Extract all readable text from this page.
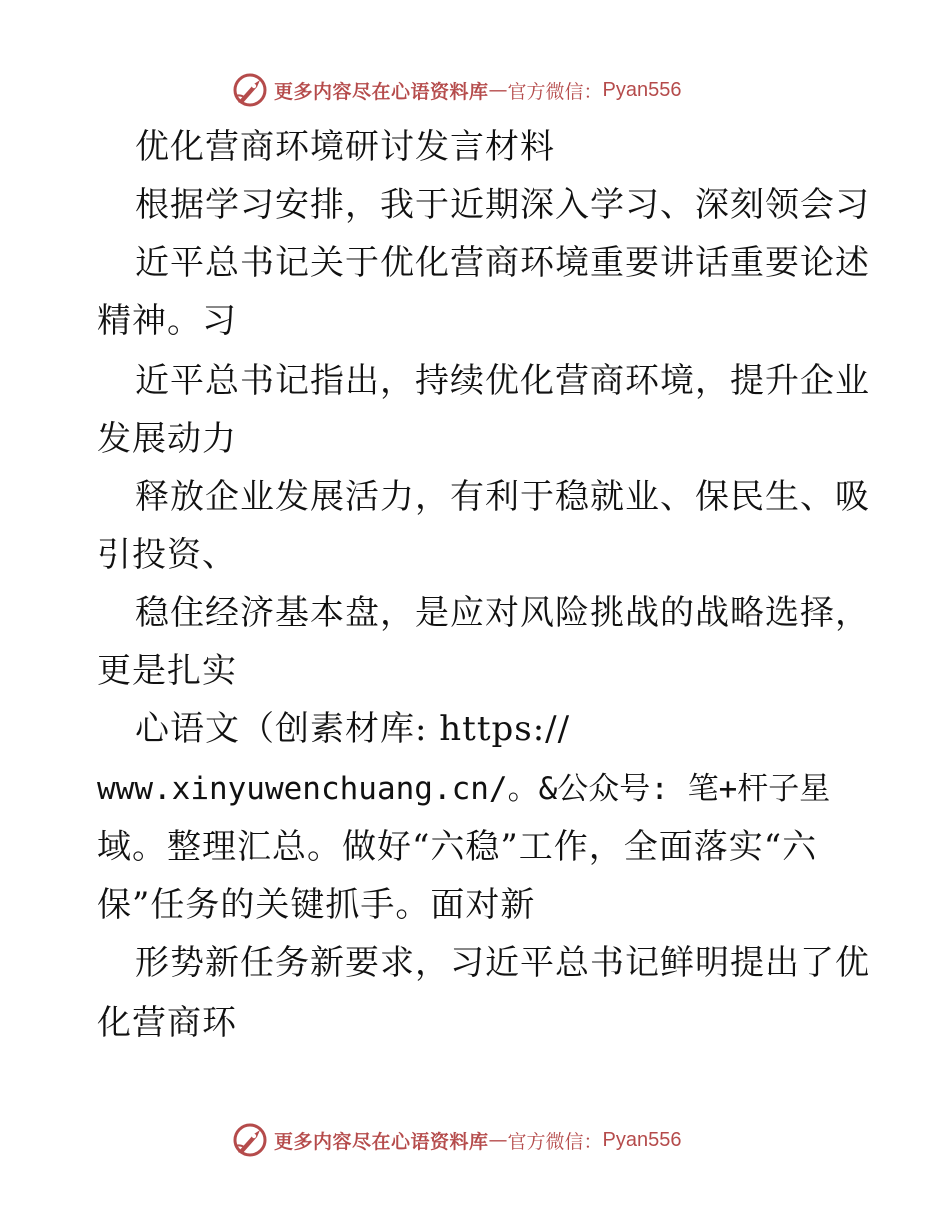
更多内容尽在心语资料库 — 官方微信： Pyan556
优化营商环境研讨发言材料
根据学习安排，我于近期深入学习、深刻领会习
近平总书记关于优化营商环境重要讲话重要论述
精神。习
近平总书记指出，持续优化营商环境，提升企业
发展动力
释放企业发展活力，有利于稳就业、保民生、吸
引投资、
稳住经济基本盘，是应对风险挑战的战略选择，
更是扎实
心语文（创素材库: https://
www.xinyuwenchuang.cn/。&公众号: 笔+杆子星
域。整理汇总。做好“六稳”工作，全面落实“六
保”任务的关键抓手。面对新
形势新任务新要求，习近平总书记鲜明提出了优
化营商环
更多内容尽在心语资料库 — 官方微信： Pyan556
